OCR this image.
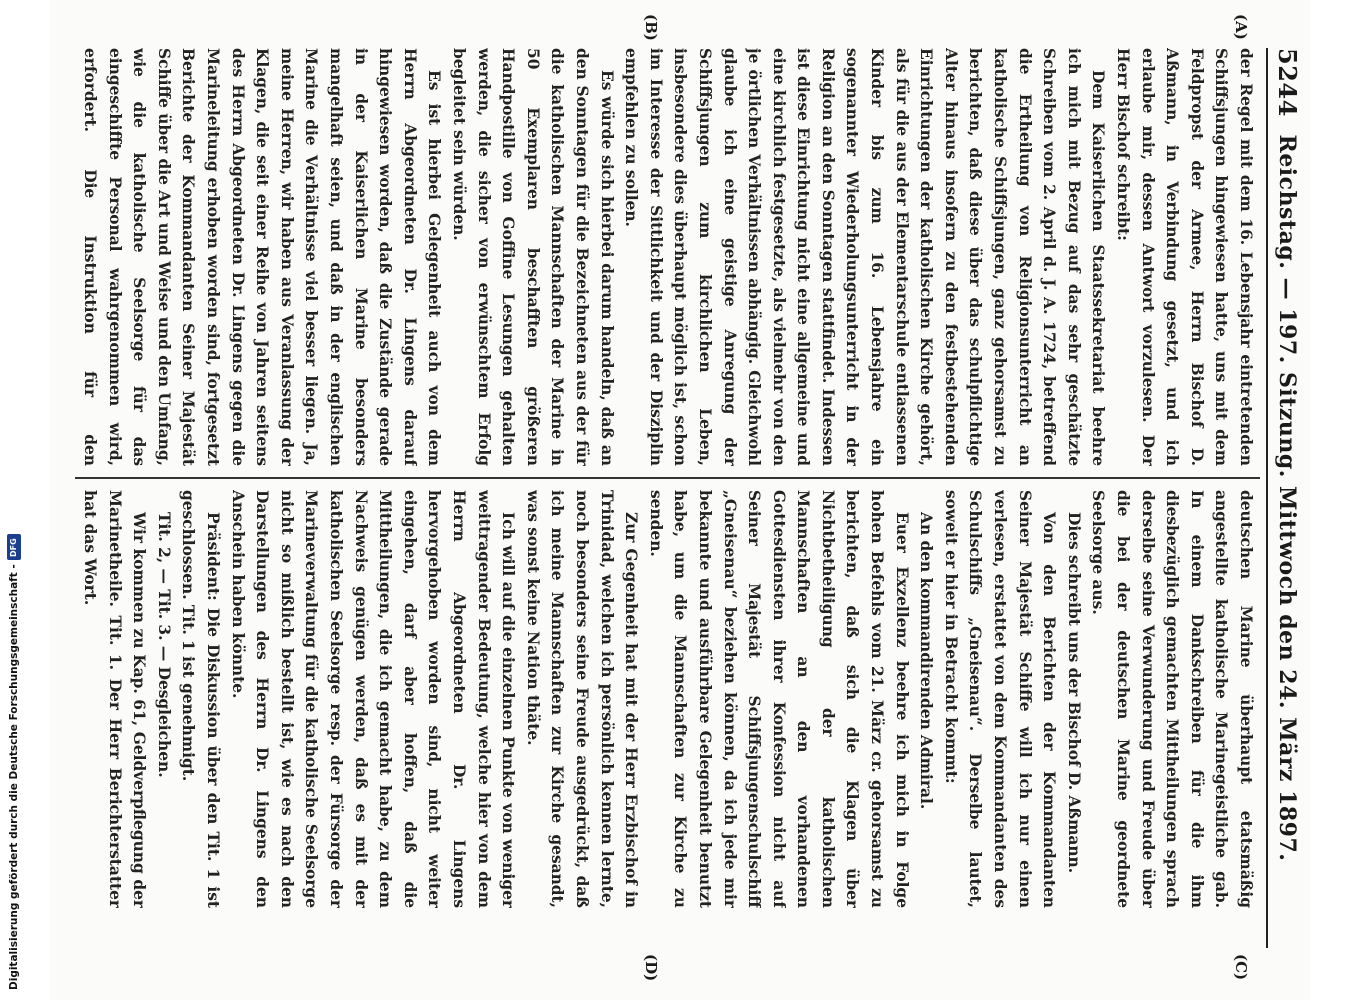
5244
Reichstag. — 197. Sitzung. Mittwoch den 24. März 1897.
(A)
(B)
(C)
(D)

der Regel mit dem 16. Lebensjahr eintretenden Schiffsjungen hingewiesen hatte, uns mit dem Feldpropst der Armee, Herrn Bischof D. Aßmann, in Verbindung gesetzt, und ich erlaube mir, dessen Antwort vorzulesen. Der Herr Bischof schreibt:

Dem Kaiserlichen Staatssekretariat beehre ich mich mit Bezug auf das sehr geschätzte Schreiben vom 2. April d. J. A. 1724, betreffend die Ertheilung von Religionsunterricht an katholische Schiffsjungen, ganz gehorsamst zu berichten, daß diese über das schulpflichtige Alter hinaus insofern zu den festbestehenden Einrichtungen der katholischen Kirche gehört, als für die aus der Elementarschule entlassenen Kinder bis zum 16. Lebensjahre ein sogenannter Wiederholungsunterricht in der Religion an den Sonntagen stattfindet. Indessen ist diese Einrichtung nicht eine allgemeine und eine kirchlich festgesetzte, als vielmehr von den je örtlichen Verhältnissen abhängig. Gleichwohl glaube ich eine geistige Anregung der Schiffsjungen zum kirchlichen Leben, insbesondere dies überhaupt möglich ist, schon im Interesse der Sittlichkeit und der Disziplin empfehlen zu sollen.

Es würde sich hierbei darum handeln, daß an den Sonntagen für die Bezeichneten aus der für die katholischen Mannschaften der Marine in 50 Exemplaren beschafften größeren Handpostille von Goffine Lesungen gehalten werden, die sicher von erwünschtem Erfolg begleitet sein würden.

Es ist hierbei Gelegenheit auch von dem Herrn Abgeordneten Dr. Lingens darauf hingewiesen worden, daß die Zustände gerade in der Kaiserlichen Marine besonders mangelhaft seien, und daß in der englischen Marine die Verhältnisse viel besser liegen. Ja, meine Herren, wir haben aus Veranlassung der Klagen, die seit einer Reihe von Jahren seitens des Herrn Abgeordneten Dr. Lingens gegen die Marineleitung erhoben worden sind, fortgesetzt Berichte der Kommandanten Seiner Majestät Schiffe über die Art und Weise und den Umfang, wie die katholische Seelsorge für das eingeschiffte Personal wahrgenommen wird, erfordert. Die Instruktion für den

deutschen Marine überhaupt etatsmäßig angestellte katholische Marinegeistliche gab. In einem Dankschreiben für die ihm diesbezüglich gemachten Mittheilungen sprach derselbe seine Verwunderung und Freude über die bei der deutschen Marine geordnete Seelsorge aus.

Dies schreibt uns der Bischof D. Aßmann.

Von den Berichten der Kommandanten Seiner Majestät Schiffe will ich nur einen verlesen, erstattet von dem Kommandanten des Schulschiffs „Gneisenau“. Derselbe lautet, soweit er hier in Betracht kommt:

An den kommandirenden Admiral.

Euer Exzellenz beehre ich mich in Folge hohen Befehls vom 21. März cr. gehorsamst zu berichten, daß sich die Klagen über Nichtbetheiligung der katholischen Mannschaften an den vorhandenen Gottesdiensten ihrer Konfession nicht auf Seiner Majestät Schiffsjungenschulschiff „Gneisenau“ beziehen können, da ich jede mir bekannte und ausführbare Gelegenheit benutzt habe, um die Mannschaften zur Kirche zu senden.

Zur Gegenheit hat mit der Herr Erzbischof in Trinidad, welchen ich persönlich kennen lernte, noch besonders seine Freude ausgedrückt, daß ich meine Mannschaften zur Kirche gesandt, was sonst keine Nation thäte.

Ich will auf die einzelnen Punkte von weniger weittragender Bedeutung, welche hier von dem Herrn Abgeordneten Dr. Lingens hervorgehoben worden sind, nicht weiter eingehen, darf aber hoffen, daß die Mittheilungen, die ich gemacht habe, zu dem Nachweis genügen werden, daß es mit der katholischen Seelsorge resp. der Fürsorge der Marineverwaltung für die katholische Seelsorge nicht so mißlich bestellt ist, wie es nach den Darstellungen des Herrn Dr. Lingens den Anschein haben könnte.

Präsident: Die Diskussion über den Tit. 1 ist geschlossen. Tit. 1 ist genehmigt.

Tit. 2, — Tit. 3. — Desgleichen.

Wir kommen zu Kap. 61, Geldverpflegung der Marinetheile. Tit. 1. Der Herr Berichterstatter hat das Wort.

Digitalisierung gefördert durch die Deutsche Forschungsgemeinschaft -
DFG
